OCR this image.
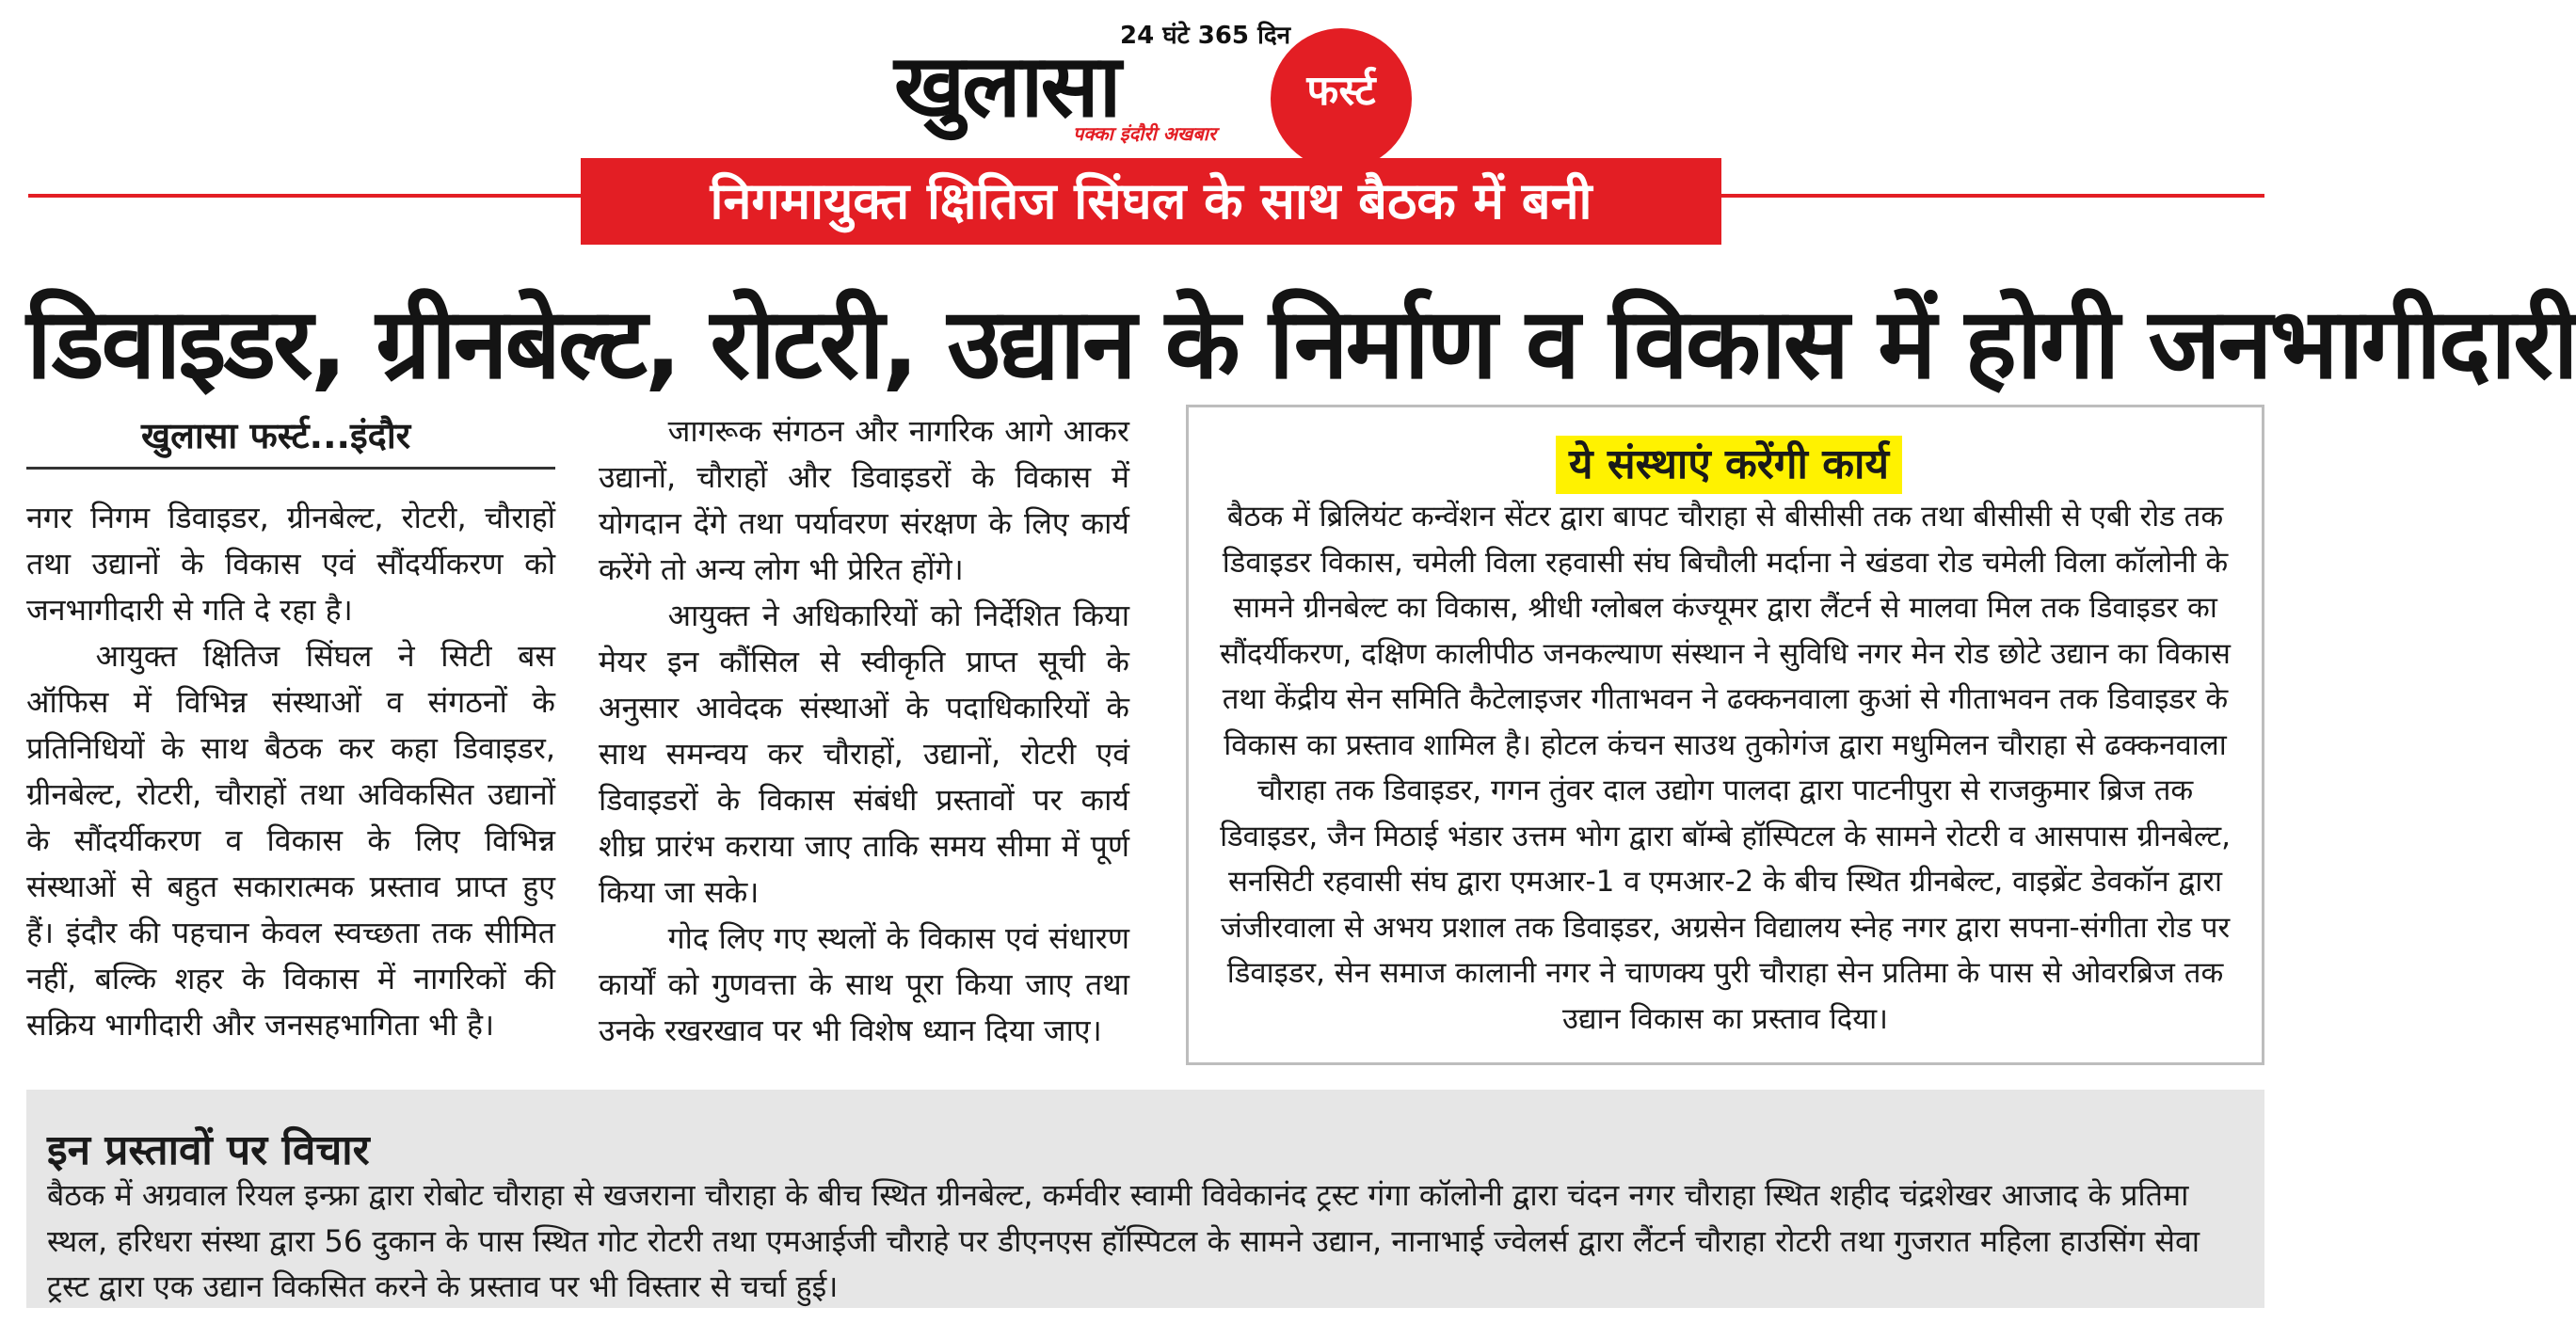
24 घंटे 365 दिन
खुलासा	फर्स्ट
पक्का इंदौरी अखबार
निगमायुक्त क्षितिज सिंघल के साथ बैठक में बनी
डिवाइडर, ग्रीनबेल्ट, रोटरी, उद्यान के निर्माण व विकास में होगी जनभागीदारी
खुलासा फर्स्ट...इंदौर

नगर निगम डिवाइडर, ग्रीनबेल्ट, रोटरी, चौराहों तथा उद्यानों के विकास एवं सौंदर्यीकरण को जनभागीदारी से गति दे रहा है।

आयुक्त क्षितिज सिंघल ने सिटी बस ऑफिस में विभिन्न संस्थाओं व संगठनों के प्रतिनिधियों के साथ बैठक कर कहा डिवाइडर, ग्रीनबेल्ट, रोटरी, चौराहों तथा अविकसित उद्यानों के सौंदर्यीकरण व विकास के लिए विभिन्न संस्थाओं से बहुत सकारात्मक प्रस्ताव प्राप्त हुए हैं। इंदौर की पहचान केवल स्वच्छता तक सीमित नहीं, बल्कि शहर के विकास में नागरिकों की सक्रिय भागीदारी और जनसहभागिता भी है।

जागरूक संगठन और नागरिक आगे आकर उद्यानों, चौराहों और डिवाइडरों के विकास में योगदान देंगे तथा पर्यावरण संरक्षण के लिए कार्य करेंगे तो अन्य लोग भी प्रेरित होंगे।

आयुक्त ने अधिकारियों को निर्देशित किया मेयर इन कौंसिल से स्वीकृति प्राप्त सूची के अनुसार आवेदक संस्थाओं के पदाधिकारियों के साथ समन्वय कर चौराहों, उद्यानों, रोटरी एवं डिवाइडरों के विकास संबंधी प्रस्तावों पर कार्य शीघ्र प्रारंभ कराया जाए ताकि समय सीमा में पूर्ण किया जा सके।

गोद लिए गए स्थलों के विकास एवं संधारण कार्यों को गुणवत्ता के साथ पूरा किया जाए तथा उनके रखरखाव पर भी विशेष ध्यान दिया जाए।

ये संस्थाएं करेंगी कार्य
बैठक में ब्रिलियंट कन्वेंशन सेंटर द्वारा बापट चौराहा से बीसीसी तक तथा बीसीसी से एबी रोड तक डिवाइडर विकास, चमेली विला रहवासी संघ बिचौली मर्दाना ने खंडवा रोड चमेली विला कॉलोनी के सामने ग्रीनबेल्ट का विकास, श्रीधी ग्लोबल कंज्यूमर द्वारा लैंटर्न से मालवा मिल तक डिवाइडर का सौंदर्यीकरण, दक्षिण कालीपीठ जनकल्याण संस्थान ने सुविधि नगर मेन रोड छोटे उद्यान का विकास तथा केंद्रीय सेन समिति कैटेलाइजर गीताभवन ने ढक्कनवाला कुआं से गीताभवन तक डिवाइडर के विकास का प्रस्ताव शामिल है। होटल कंचन साउथ तुकोगंज द्वारा मधुमिलन चौराहा से ढक्कनवाला चौराहा तक डिवाइडर, गगन तुंवर दाल उद्योग पालदा द्वारा पाटनीपुरा से राजकुमार ब्रिज तक डिवाइडर, जैन मिठाई भंडार उत्तम भोग द्वारा बॉम्बे हॉस्पिटल के सामने रोटरी व आसपास ग्रीनबेल्ट, सनसिटी रहवासी संघ द्वारा एमआर-1 व एमआर-2 के बीच स्थित ग्रीनबेल्ट, वाइब्रेंट डेवकॉन द्वारा जंजीरवाला से अभय प्रशाल तक डिवाइडर, अग्रसेन विद्यालय स्नेह नगर द्वारा सपना-संगीता रोड पर डिवाइडर, सेन समाज कालानी नगर ने चाणक्य पुरी चौराहा सेन प्रतिमा के पास से ओवरब्रिज तक उद्यान विकास का प्रस्ताव दिया।
इन प्रस्तावों पर विचार
बैठक में अग्रवाल रियल इन्फ्रा द्वारा रोबोट चौराहा से खजराना चौराहा के बीच स्थित ग्रीनबेल्ट, कर्मवीर स्वामी विवेकानंद ट्रस्ट गंगा कॉलोनी द्वारा चंदन नगर चौराहा स्थित शहीद चंद्रशेखर आजाद के प्रतिमा स्थल, हरिधरा संस्था द्वारा 56 दुकान के पास स्थित गोट रोटरी तथा एमआईजी चौराहे पर डीएनएस हॉस्पिटल के सामने उद्यान, नानाभाई ज्वेलर्स द्वारा लैंटर्न चौराहा रोटरी तथा गुजरात महिला हाउसिंग सेवा ट्रस्ट द्वारा एक उद्यान विकसित करने के प्रस्ताव पर भी विस्तार से चर्चा हुई।
